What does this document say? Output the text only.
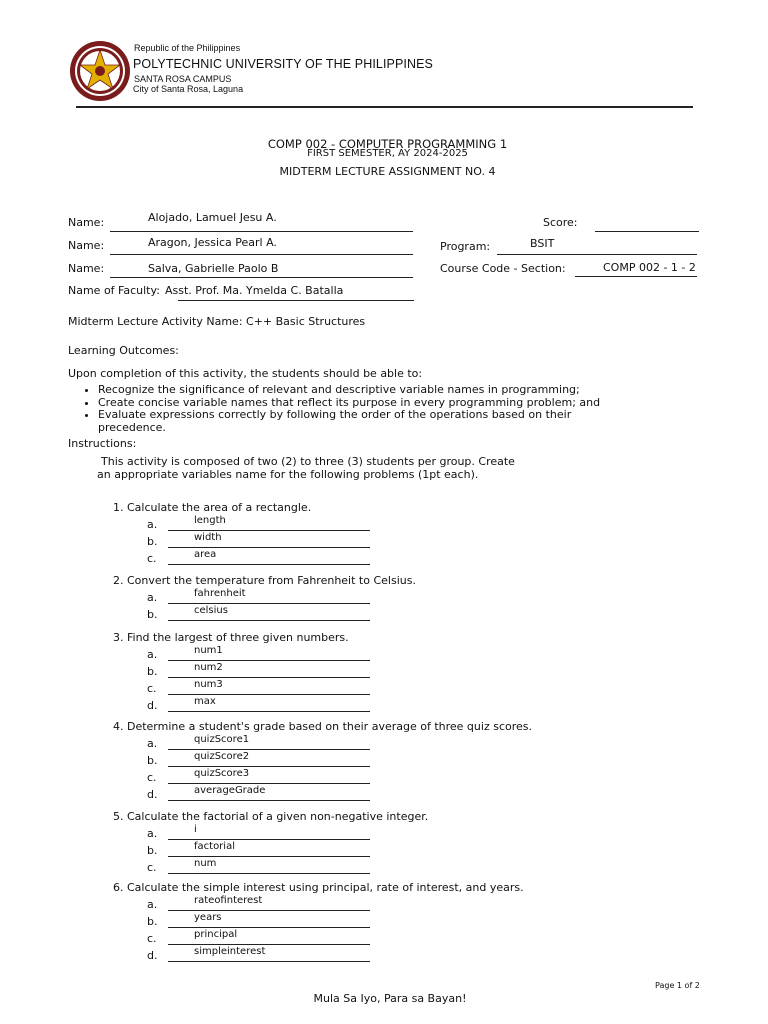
Republic of the Philippines
POLYTECHNIC UNIVERSITY OF THE PHILIPPINES
SANTA ROSA CAMPUS
City of Santa Rosa, Laguna
COMP 002 - COMPUTER PROGRAMMING 1
FIRST SEMESTER, AY 2024-2025
MIDTERM LECTURE ASSIGNMENT NO. 4
Name:	Alojado, Lamuel Jesu A.
Name:	Aragon, Jessica Pearl A.
Name:	Salva, Gabrielle Paolo B
Score:
Program:	BSIT
Course Code - Section:	COMP 002 - 1 - 2
Name of Faculty: Asst. Prof. Ma. Ymelda C. Batalla
Midterm Lecture Activity Name: C++ Basic Structures
Learning Outcomes:
Upon completion of this activity, the students should be able to:
• Recognize the significance of relevant and descriptive variable names in programming;
• Create concise variable names that reflect its purpose in every programming problem; and
• Evaluate expressions correctly by following the order of the operations based on their precedence.
Instructions:
This activity is composed of two (2) to three (3) students per group. Create
an appropriate variables name for the following problems (1pt each).
1. Calculate the area of a rectangle.
a.	length
b.	width
c.	area
2. Convert the temperature from Fahrenheit to Celsius.
a.	fahrenheit
b.	celsius
3. Find the largest of three given numbers.
a.	num1
b.	num2
c.	num3
d.	max
4. Determine a student's grade based on their average of three quiz scores.
a.	quizScore1
b.	quizScore2
c.	quizScore3
d.	averageGrade
5. Calculate the factorial of a given non-negative integer.
a.	i
b.	factorial
c.	num
6. Calculate the simple interest using principal, rate of interest, and years.
a.	rateofinterest
b.	years
c.	principal
d.	simpleinterest
Page 1 of 2
Mula Sa Iyo, Para sa Bayan!
